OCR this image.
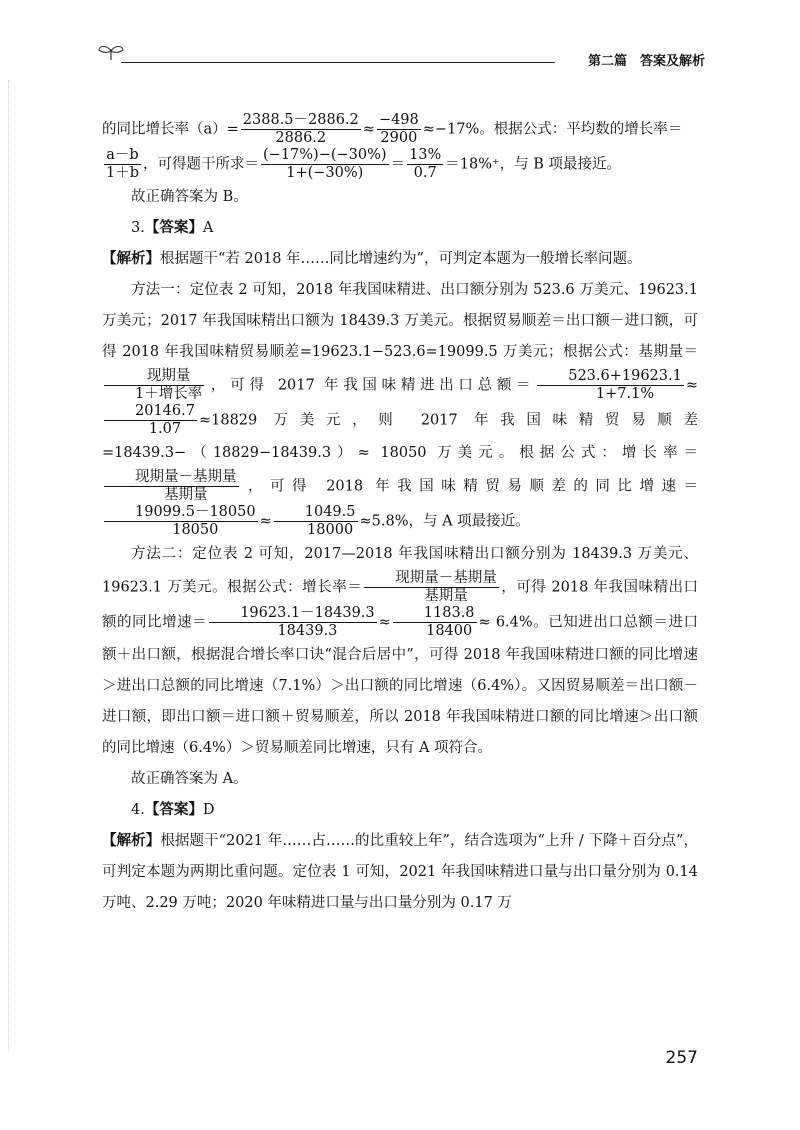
第二篇　答案及解析

的同比增长率$(a)= \frac{2388.5-2886.2}{2886.2} \approx \frac{-498}{2900} \approx-17\%$。根据公式：平均数的增长率＝

$\frac{a-b}{1+b}$ ，可得题干所求＝ $\frac{(-17\%)-(-30\%)}{1+(-30\%)} = \frac{13\%}{0.7} =18\%^+$，与 B 项最接近。

故正确答案为 B。

3.【答案】A

【解析】根据题干“若 2018 年……同比增速约为”，可判定本题为一般增长率问题。

方法一：定位表 2 可知，2018 年我国味精进、出口额分别为 523.6 万美元、19623.1 万美元；2017 年我国味精出口额为 18439.3 万美元。根据贸易顺差＝出口额－进口额，可得 2018 年我国味精贸易顺差=19623.1−523.6=19099.5 万美元；根据公式：基期量＝
现期量
1＋增长率
，可得 2017 年我国味精进出口总额＝ $\frac{523.6+19623.1}{1+7.1\%}$ ≈
$\frac{20146.7}{1.07} \approx 18829$ 万美元，则 2017 年我国味精贸易顺差 =18439.3−（18829−18439.3）≈ 18050 万美元。根据公式：增长率＝
现期量－基期量
基期量
，可得 2018 年我国味精贸易顺差的同比增速＝
$\frac{19099.5-18050}{18050} \approx \frac{1049.5}{18000} \approx 5.8\%$，与 A 项最接近。

方法二：定位表 2 可知，2017—2018 年我国味精出口额分别为 18439.3 万美元、19623.1 万美元。根据公式：增长率＝
现期量－基期量
基期量
，可得 2018 年我国味精出口额的同比增速＝ $\frac{19623.1-18439.3}{18439.3} \approx \frac{1183.8}{18400} \approx 6.4\%$。已知进出口总额＝进口额＋出口额，根据混合增长率口诀“混合后居中”，可得 2018 年我国味精进口额的同比增速＞进出口总额的同比增速（7.1%）＞出口额的同比增速（6.4%）。又因贸易顺差＝出口额－进口额，即出口额＝进口额＋贸易顺差，所以 2018 年我国味精进口额的同比增速＞出口额的同比增速（6.4%）＞贸易顺差同比增速，只有 A 项符合。

故正确答案为 A。

4.【答案】D

【解析】根据题干“2021 年……占……的比重较上年”，结合选项为“上升 / 下降＋百分点”，可判定本题为两期比重问题。定位表 1 可知，2021 年我国味精进口量与出口量分别为 0.14 万吨、2.29 万吨；2020 年味精进口量与出口量分别为 0.17 万

257
